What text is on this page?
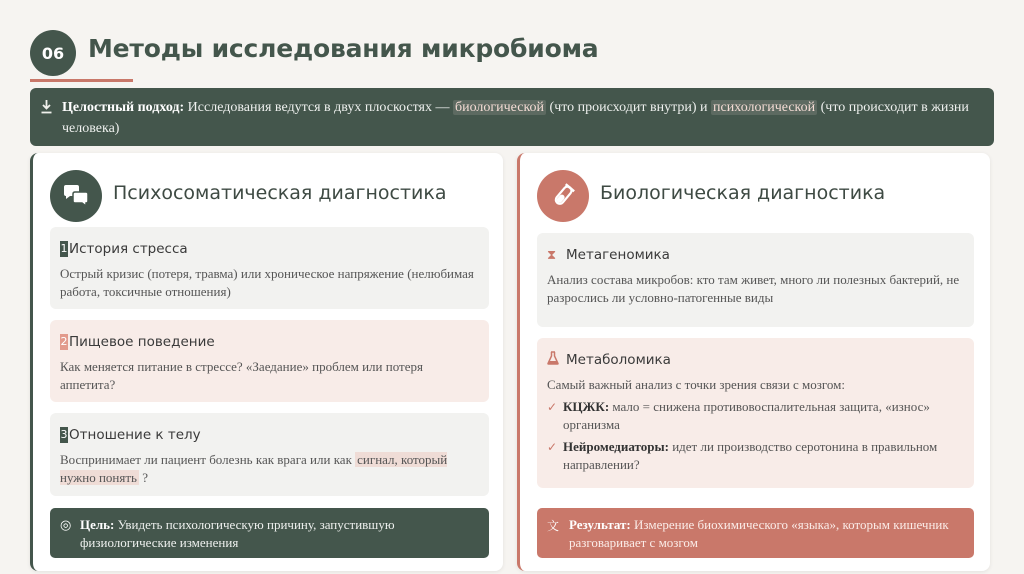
06 Методы исследования микробиома
Целостный подход: Исследования ведутся в двух плоскостях — биологической (что происходит внутри) и психологической (что происходит в жизни человека)
Психосоматическая диагностика
1 История стресса
Острый кризис (потеря, травма) или хроническое напряжение (нелюбимая работа, токсичные отношения)
2 Пищевое поведение
Как меняется питание в стрессе? «Заедание» проблем или потеря аппетита?
3 Отношение к телу
Воспринимает ли пациент болезнь как врага или как сигнал, который нужно понять ?
◎ Цель: Увидеть психологическую причину, запустившую физиологические изменения
Биологическая диагностика
⧗ Метагеномика
Анализ состава микробов: кто там живет, много ли полезных бактерий, не разрослись ли условно-патогенные виды
Метаболомика
Самый важный анализ с точки зрения связи с мозгом:
✓ КЦЖК: мало = снижена противовоспалительная защита, «износ» организма
✓ Нейромедиаторы: идет ли производство серотонина в правильном направлении?
文 Результат: Измерение биохимического «языка», которым кишечник разговаривает с мозгом
